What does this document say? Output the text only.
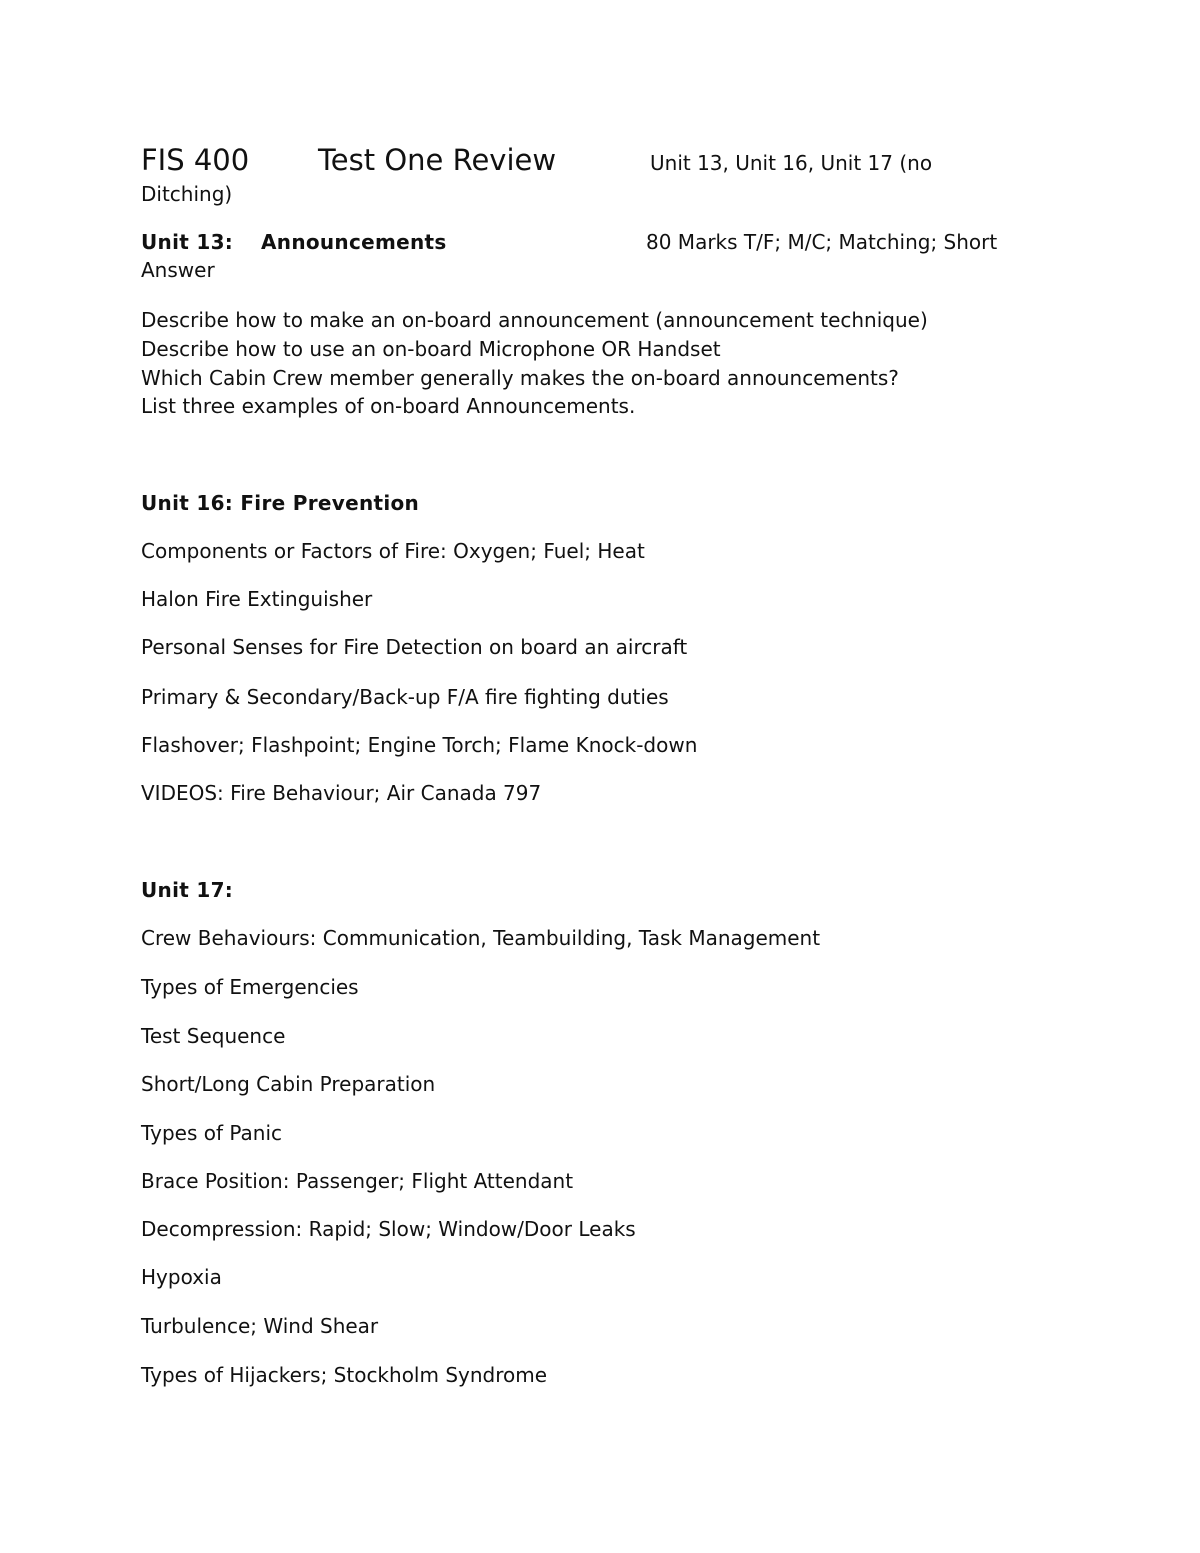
FIS 400 Test One Review	Unit 13, Unit 16, Unit 17 (no
Ditching)
Unit 13: Announcements	80 Marks T/F; M/C; Matching; Short
Answer
Describe how to make an on-board announcement (announcement technique)
Describe how to use an on-board Microphone OR Handset
Which Cabin Crew member generally makes the on-board announcements?
List three examples of on-board Announcements.
Unit 16: Fire Prevention
Components or Factors of Fire: Oxygen; Fuel; Heat
Halon Fire Extinguisher
Personal Senses for Fire Detection on board an aircraft
Primary & Secondary/Back-up F/A fire fighting duties
Flashover; Flashpoint; Engine Torch; Flame Knock-down
VIDEOS: Fire Behaviour; Air Canada 797
Unit 17:
Crew Behaviours: Communication, Teambuilding, Task Management
Types of Emergencies
Test Sequence
Short/Long Cabin Preparation
Types of Panic
Brace Position: Passenger; Flight Attendant
Decompression: Rapid; Slow; Window/Door Leaks
Hypoxia
Turbulence; Wind Shear
Types of Hijackers; Stockholm Syndrome
